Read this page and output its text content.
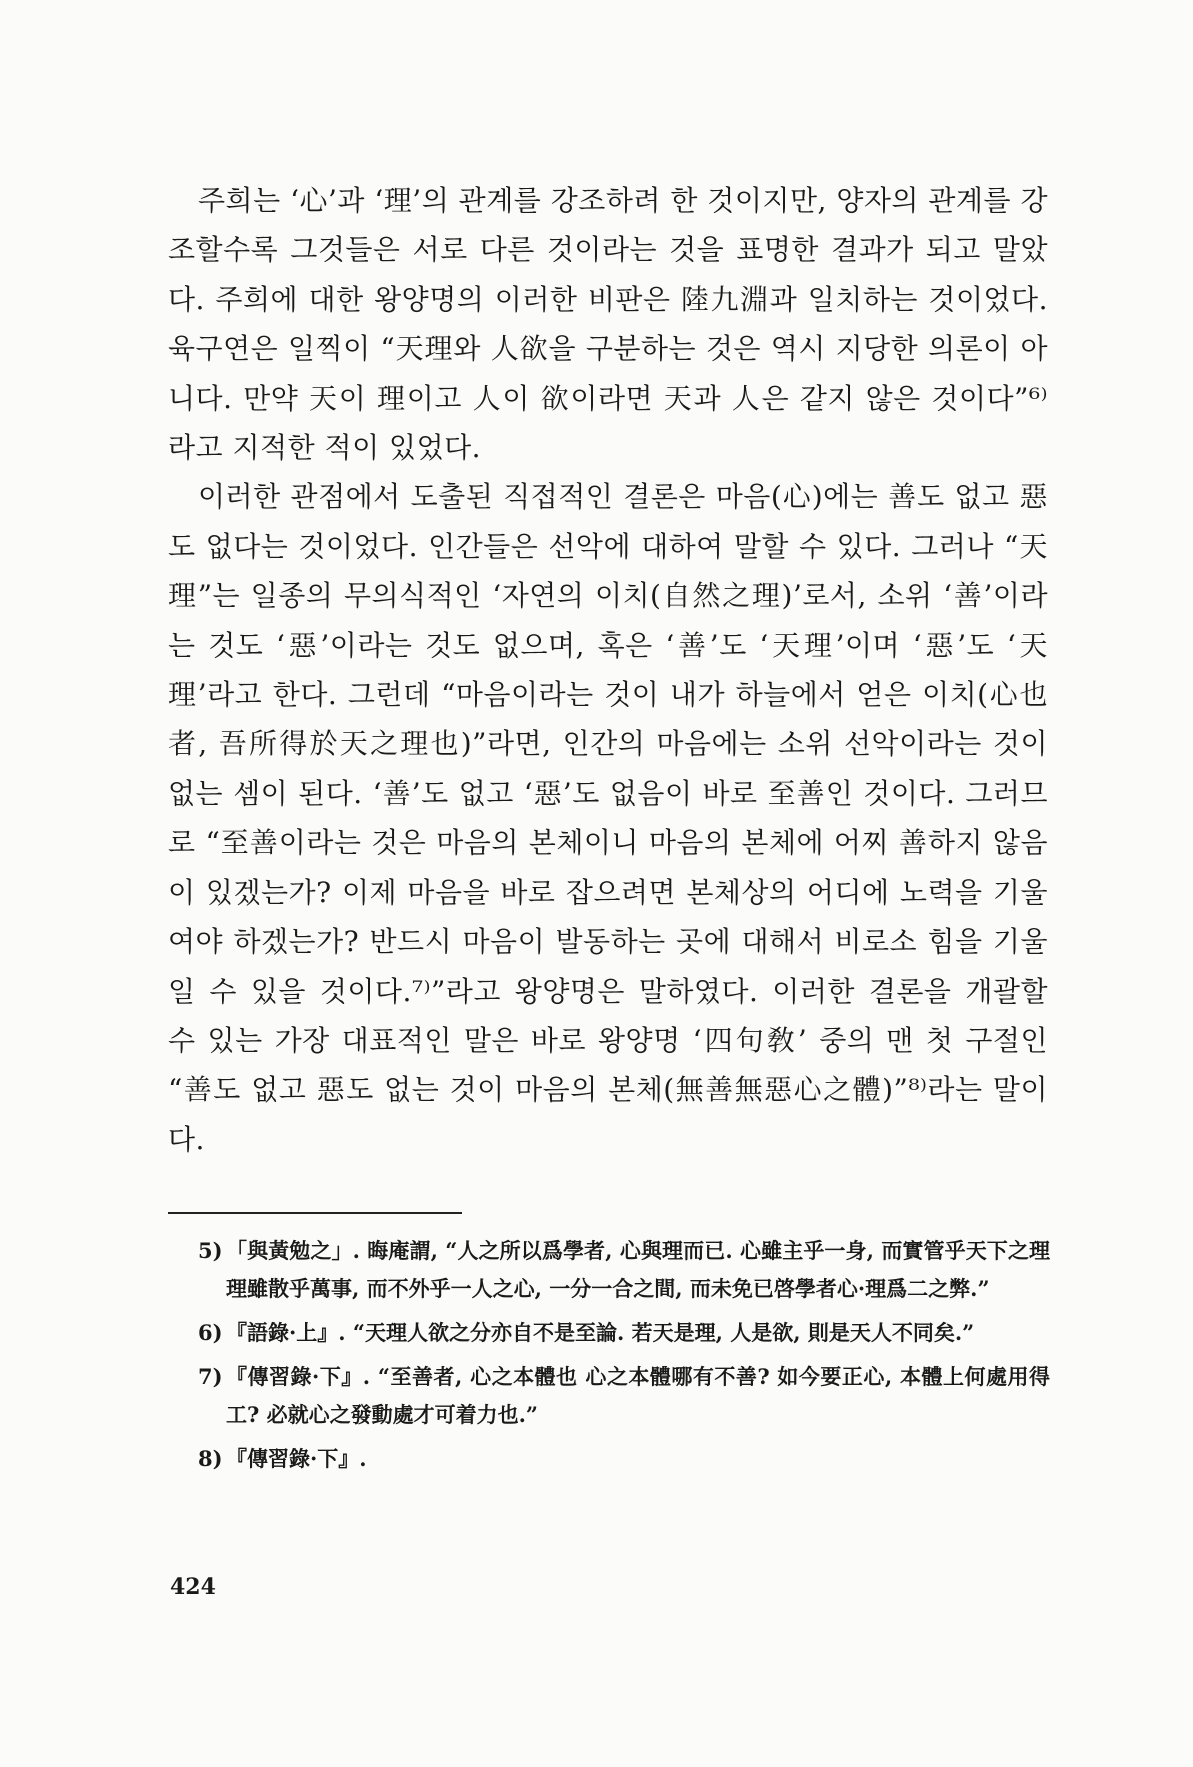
주희는 ‘心’과 ‘理’의 관계를 강조하려 한 것이지만, 양자의 관계를 강조할수록 그것들은 서로 다른 것이라는 것을 표명한 결과가 되고 말았다. 주희에 대한 왕양명의 이러한 비판은 陸九淵과 일치하는 것이었다. 육구연은 일찍이 “天理와 人欲을 구분하는 것은 역시 지당한 의론이 아니다. 만약 天이 理이고 人이 欲이라면 天과 人은 같지 않은 것이다”⁶⁾라고 지적한 적이 있었다.

이러한 관점에서 도출된 직접적인 결론은 마음(心)에는 善도 없고 惡도 없다는 것이었다. 인간들은 선악에 대하여 말할 수 있다. 그러나 “天理”는 일종의 무의식적인 ‘자연의 이치(自然之理)’로서, 소위 ‘善’이라는 것도 ‘惡’이라는 것도 없으며, 혹은 ‘善’도 ‘天理’이며 ‘惡’도 ‘天理’라고 한다. 그런데 “마음이라는 것이 내가 하늘에서 얻은 이치(心也者, 吾所得於天之理也)”라면, 인간의 마음에는 소위 선악이라는 것이 없는 셈이 된다. ‘善’도 없고 ‘惡’도 없음이 바로 至善인 것이다. 그러므로 “至善이라는 것은 마음의 본체이니 마음의 본체에 어찌 善하지 않음이 있겠는가? 이제 마음을 바로 잡으려면 본체상의 어디에 노력을 기울여야 하겠는가? 반드시 마음이 발동하는 곳에 대해서 비로소 힘을 기울일 수 있을 것이다.⁷⁾”라고 왕양명은 말하였다. 이러한 결론을 개괄할 수 있는 가장 대표적인 말은 바로 왕양명 ‘四句敎’ 중의 맨 첫 구절인 “善도 없고 惡도 없는 것이 마음의 본체(無善無惡心之體)”⁸⁾라는 말이다.

5) 「與黃勉之」. 晦庵謂, “人之所以爲學者, 心與理而已. 心雖主乎一身, 而實管乎天下之理 理雖散乎萬事, 而不外乎一人之心, 一分一合之間, 而未免已啓學者心·理爲二之弊.”
6) 『語錄·上』. “天理人欲之分亦自不是至論. 若天是理, 人是欲, 則是天人不同矣.”
7) 『傳習錄·下』. “至善者, 心之本體也 心之本體哪有不善? 如今要正心, 本體上何處用得工? 必就心之發動處才可着力也.”
8) 『傳習錄·下』.
424
